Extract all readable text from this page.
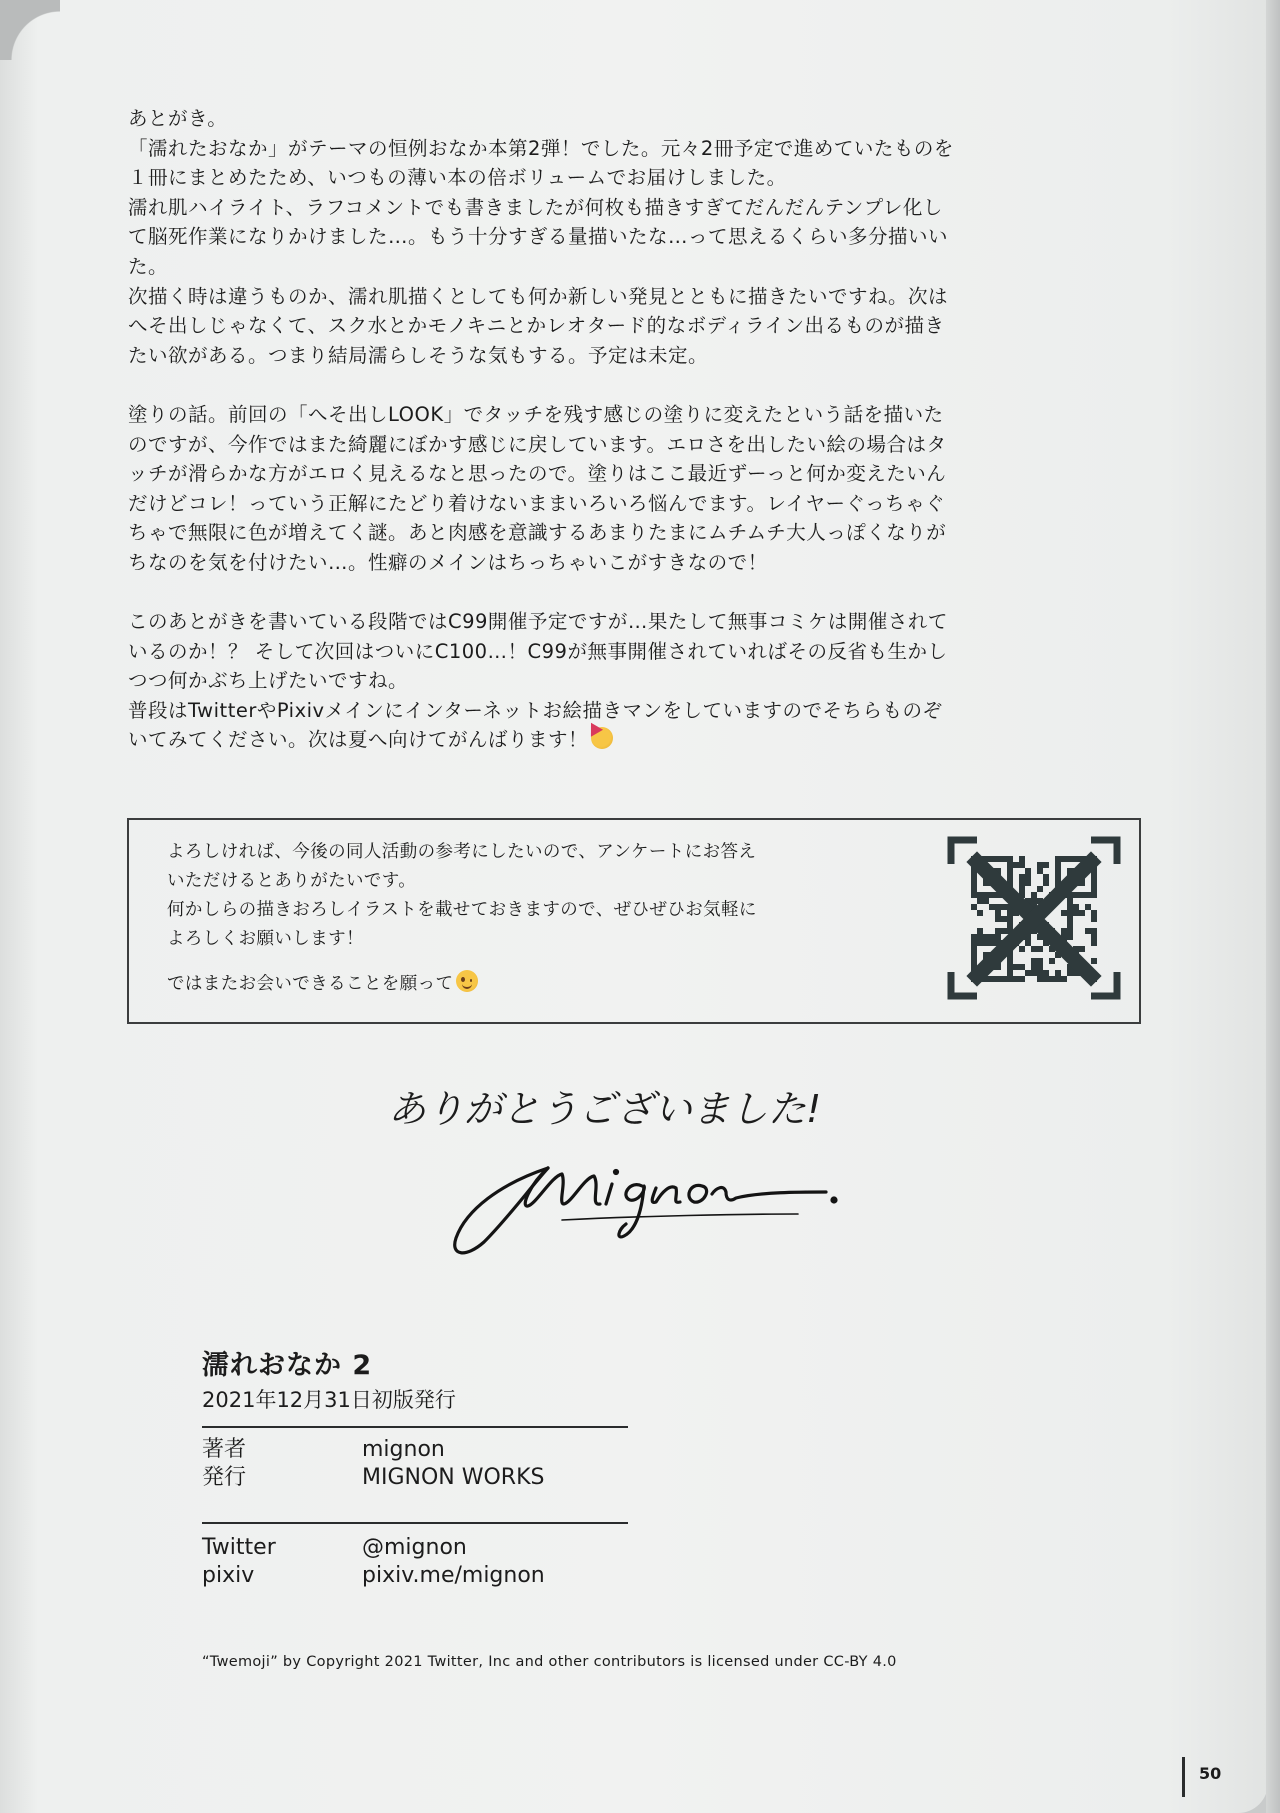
あとがき。

「濡れたおなか」がテーマの恒例おなか本第2弾！でした。元々2冊予定で進めていたものを

１冊にまとめたため、いつもの薄い本の倍ボリュームでお届けしました。

濡れ肌ハイライト、ラフコメントでも書きましたが何枚も描きすぎてだんだんテンプレ化し

て脳死作業になりかけました…。もう十分すぎる量描いたな…って思えるくらい多分描いい

た。

次描く時は違うものか、濡れ肌描くとしても何か新しい発見とともに描きたいですね。次は

へそ出しじゃなくて、スク水とかモノキニとかレオタード的なボディライン出るものが描き

たい欲がある。つまり結局濡らしそうな気もする。予定は未定。

塗りの話。前回の「へそ出しLOOK」でタッチを残す感じの塗りに変えたという話を描いた

のですが、今作ではまた綺麗にぼかす感じに戻しています。エロさを出したい絵の場合はタ

ッチが滑らかな方がエロく見えるなと思ったので。塗りはここ最近ずーっと何か変えたいん

だけどコレ！っていう正解にたどり着けないままいろいろ悩んでます。レイヤーぐっちゃぐ

ちゃで無限に色が増えてく謎。あと肉感を意識するあまりたまにムチムチ大人っぽくなりが

ちなのを気を付けたい…。性癖のメインはちっちゃいこがすきなので！

このあとがきを書いている段階ではC99開催予定ですが…果たして無事コミケは開催されて

いるのか！？ そして次回はついにC100…！C99が無事開催されていればその反省も生かし

つつ何かぶち上げたいですね。

普段はTwitterやPixivメインにインターネットお絵描きマンをしていますのでそちらものぞ

いてみてください。次は夏へ向けてがんばります！

よろしければ、今後の同人活動の参考にしたいので、アンケートにお答え

いただけるとありがたいです。

何かしらの描きおろしイラストを載せておきますので、ぜひぜひお気軽に

よろしくお願いします！

ではまたお会いできることを願って

ありがとうございました!

濡れおなか 2

2021年12月31日初版発行

著者	mignon
発行	MIGNON WORKS
Twitter	@mignon
pixiv	pixiv.me/mignon
“Twemoji” by Copyright 2021 Twitter, Inc and other contributors is licensed under CC-BY 4.0
50
